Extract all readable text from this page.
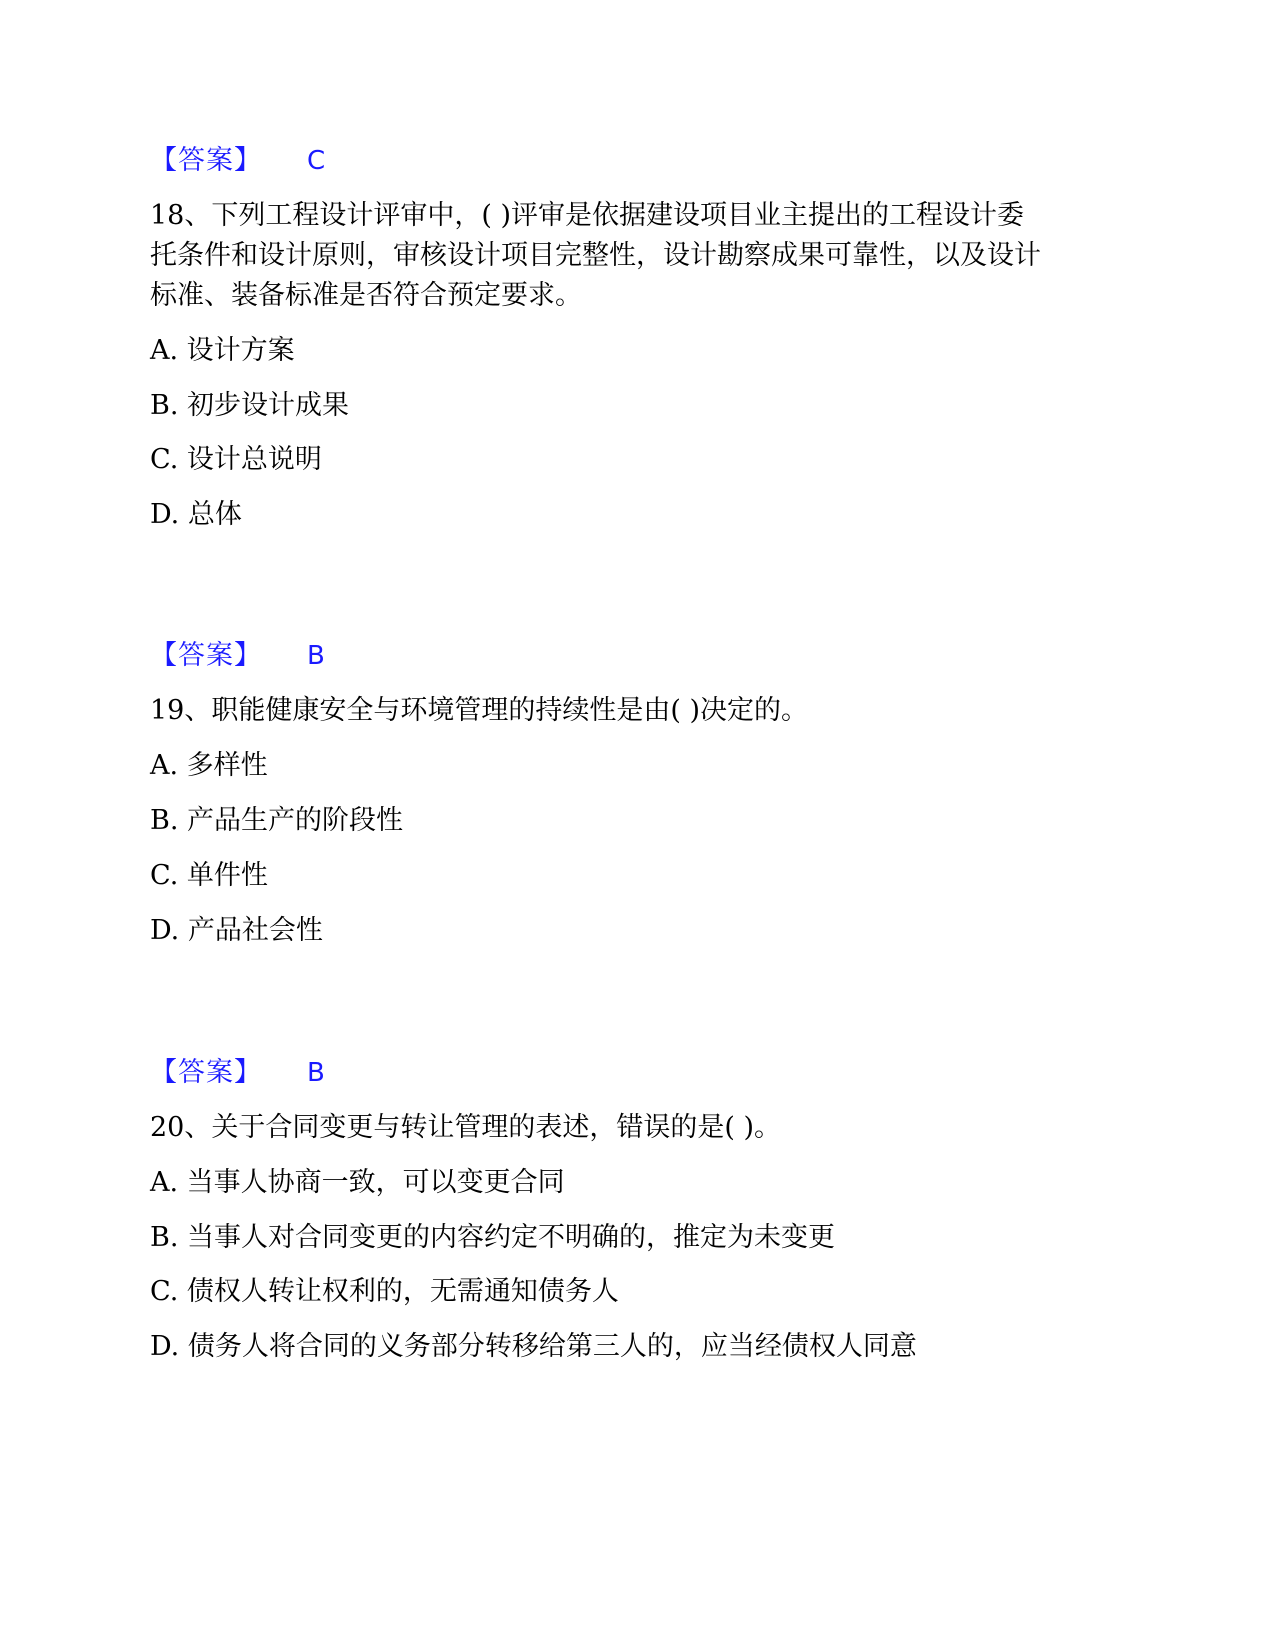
【答案】 C
18、下列工程设计评审中，( )评审是依据建设项目业主提出的工程设计委
托条件和设计原则，审核设计项目完整性，设计勘察成果可靠性，以及设计
标准、装备标准是否符合预定要求。
A. 设计方案
B. 初步设计成果
C. 设计总说明
D. 总体
【答案】 B
19、职能健康安全与环境管理的持续性是由( )决定的。
A. 多样性
B. 产品生产的阶段性
C. 单件性
D. 产品社会性
【答案】 B
20、关于合同变更与转让管理的表述，错误的是( )。
A. 当事人协商一致，可以变更合同
B. 当事人对合同变更的内容约定不明确的，推定为未变更
C. 债权人转让权利的，无需通知债务人
D. 债务人将合同的义务部分转移给第三人的，应当经债权人同意
